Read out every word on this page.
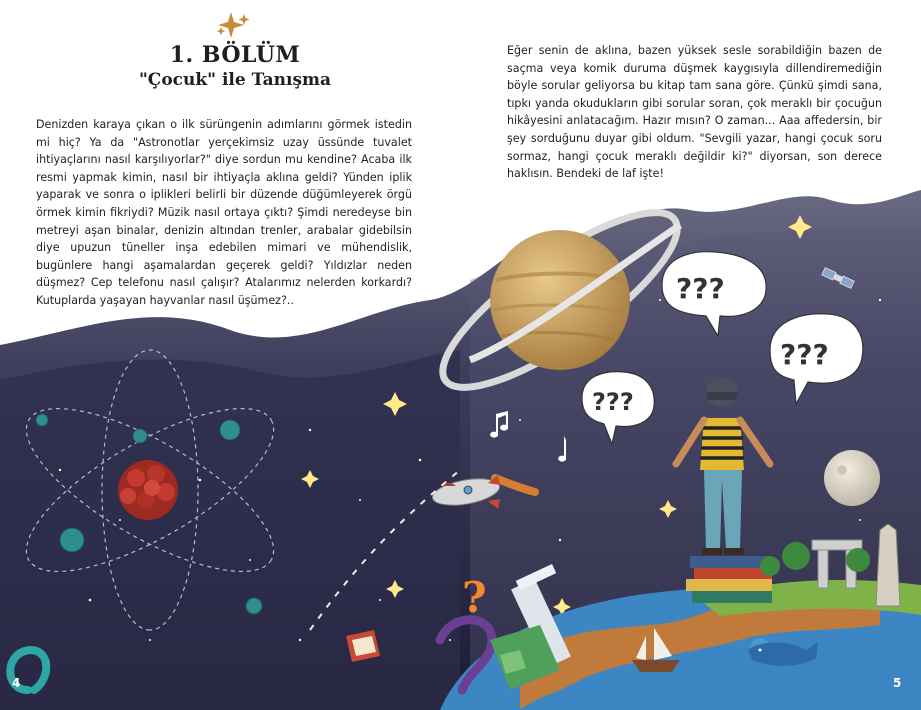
???
???
???
?
1. BÖLÜM
"Çocuk" ile Tanışma
Denizden karaya çıkan o ilk sürüngenin adımlarını görmek istedin mi hiç? Ya da "Astronotlar yerçekimsiz uzay üssünde tuvalet ihtiyaçlarını nasıl karşılıyorlar?" diye sordun mu kendine? Acaba ilk resmi yapmak kimin, nasıl bir ihtiyaçla aklına geldi? Yünden iplik yaparak ve sonra o iplikleri belirli bir düzende düğümleyerek örgü örmek kimin fikriydi? Müzik nasıl ortaya çıktı? Şimdi neredeyse bin metreyi aşan binalar, denizin altından trenler, arabalar gidebilsin diye upuzun tüneller inşa edebilen mimari ve mühendislik, bugünlere hangi aşamalardan geçerek geldi? Yıldızlar neden düşmez? Cep telefonu nasıl çalışır? Atalarımız nelerden korkardı? Kutuplarda yaşayan hayvanlar nasıl üşümez?..
Eğer senin de aklına, bazen yüksek sesle sorabildiğin bazen de saçma veya komik duruma düşmek kaygısıyla dillendiremediğin böyle sorular geliyorsa bu kitap tam sana göre. Çünkü şimdi sana, tıpkı yanda okudukların gibi sorular soran, çok meraklı bir çocuğun hikâyesini anlatacağım. Hazır mısın? O zaman... Aaa affedersin, bir şey sorduğunu duyar gibi oldum. "Sevgili yazar, hangi çocuk soru sormaz, hangi çocuk meraklı değildir ki?" diyorsan, son derece haklısın. Bendeki de laf işte!
4	5
